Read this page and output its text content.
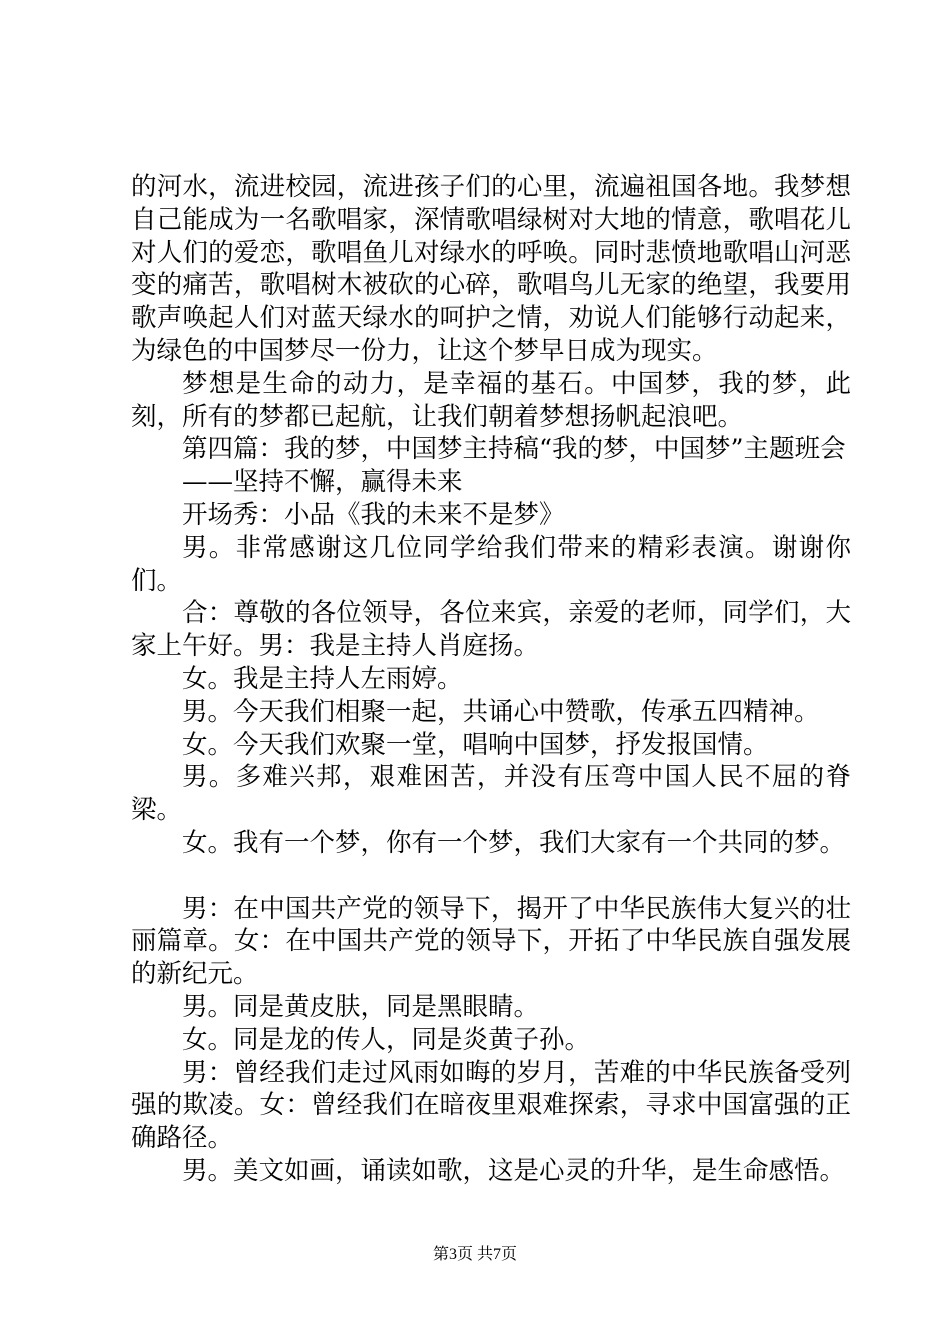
的河水，流进校园，流进孩子们的心里，流遍祖国各地。我梦想自己能成为一名歌唱家，深情歌唱绿树对大地的情意，歌唱花儿对人们的爱恋，歌唱鱼儿对绿水的呼唤。同时悲愤地歌唱山河恶变的痛苦，歌唱树木被砍的心碎，歌唱鸟儿无家的绝望，我要用歌声唤起人们对蓝天绿水的呵护之情，劝说人们能够行动起来，为绿色的中国梦尽一份力，让这个梦早日成为现实。

梦想是生命的动力，是幸福的基石。中国梦，我的梦，此刻，所有的梦都已起航，让我们朝着梦想扬帆起浪吧。

第四篇：我的梦，中国梦主持稿“我的梦，中国梦”主题班会

——坚持不懈，赢得未来

开场秀：小品《我的未来不是梦》

男。非常感谢这几位同学给我们带来的精彩表演。谢谢你们。

合：尊敬的各位领导，各位来宾，亲爱的老师，同学们，大家上午好。男：我是主持人肖庭扬。

女。我是主持人左雨婷。

男。今天我们相聚一起，共诵心中赞歌，传承五四精神。

女。今天我们欢聚一堂，唱响中国梦，抒发报国情。

男。多难兴邦，艰难困苦，并没有压弯中国人民不屈的脊梁。

女。我有一个梦，你有一个梦，我们大家有一个共同的梦。

男：在中国共产党的领导下，揭开了中华民族伟大复兴的壮丽篇章。女：在中国共产党的领导下，开拓了中华民族自强发展的新纪元。

男。同是黄皮肤，同是黑眼睛。

女。同是龙的传人，同是炎黄子孙。

男：曾经我们走过风雨如晦的岁月，苦难的中华民族备受列强的欺凌。女：曾经我们在暗夜里艰难探索，寻求中国富强的正确路径。

男。美文如画，诵读如歌，这是心灵的升华，是生命感悟。

第3页 共7页
